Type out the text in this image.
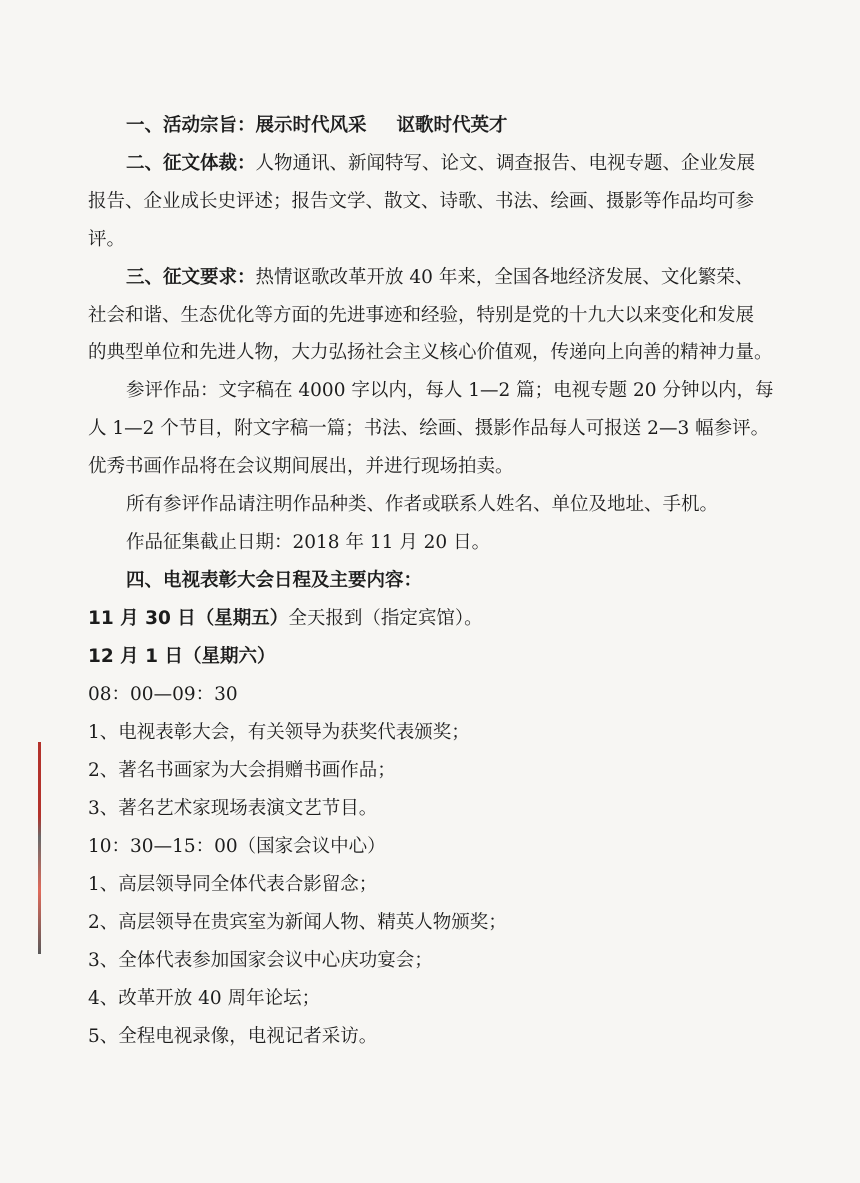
一、活动宗旨：展示时代风采 讴歌时代英才
二、征文体裁：人物通讯、新闻特写、论文、调查报告、电视专题、企业发展
报告、企业成长史评述；报告文学、散文、诗歌、书法、绘画、摄影等作品均可参
评。
三、征文要求：热情讴歌改革开放 40 年来，全国各地经济发展、文化繁荣、
社会和谐、生态优化等方面的先进事迹和经验，特别是党的十九大以来变化和发展
的典型单位和先进人物，大力弘扬社会主义核心价值观，传递向上向善的精神力量。
参评作品：文字稿在 4000 字以内，每人 1—2 篇；电视专题 20 分钟以内，每
人 1—2 个节目，附文字稿一篇；书法、绘画、摄影作品每人可报送 2—3 幅参评。
优秀书画作品将在会议期间展出，并进行现场拍卖。
所有参评作品请注明作品种类、作者或联系人姓名、单位及地址、手机。
作品征集截止日期：2018 年 11 月 20 日。
四、电视表彰大会日程及主要内容：
11 月 30 日（星期五）全天报到（指定宾馆）。
12 月 1 日（星期六）
08：00—09：30
1、电视表彰大会，有关领导为获奖代表颁奖；
2、著名书画家为大会捐赠书画作品；
3、著名艺术家现场表演文艺节目。
10：30—15：00（国家会议中心）
1、高层领导同全体代表合影留念；
2、高层领导在贵宾室为新闻人物、精英人物颁奖；
3、全体代表参加国家会议中心庆功宴会；
4、改革开放 40 周年论坛；
5、全程电视录像，电视记者采访。
